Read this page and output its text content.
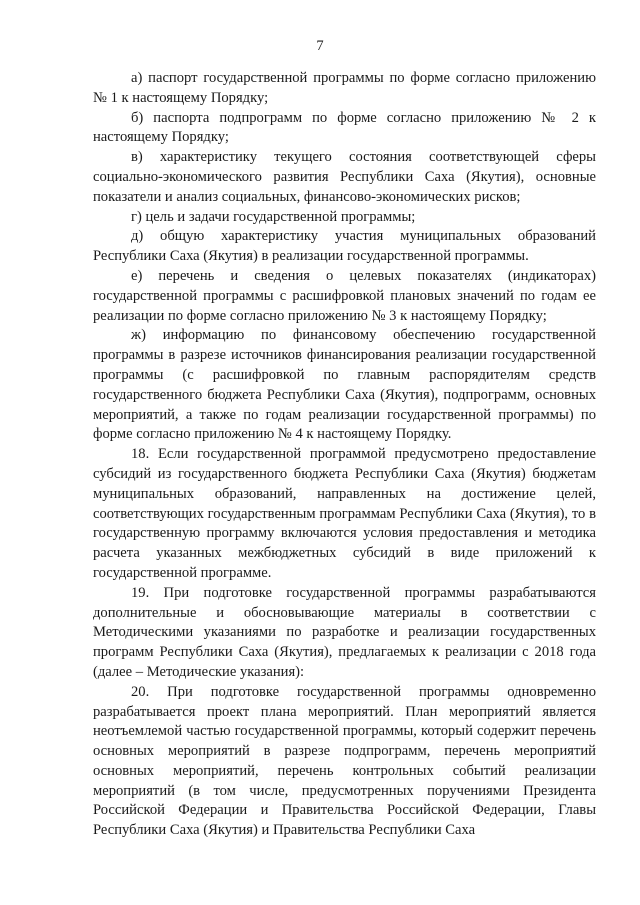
7

а) паспорт государственной программы по форме согласно приложению № 1 к настоящему Порядку;

б) паспорта подпрограмм по форме согласно приложению № 2 к настоящему Порядку;

в) характеристику текущего состояния соответствующей сферы социально-экономического развития Республики Саха (Якутия), основные показатели и анализ социальных, финансово-экономических рисков;

г) цель и задачи государственной программы;

д) общую характеристику участия муниципальных образований Республики Саха (Якутия) в реализации государственной программы.

е) перечень и сведения о целевых показателях (индикаторах) государственной программы с расшифровкой плановых значений по годам ее реализации по форме согласно приложению № 3 к настоящему Порядку;

ж) информацию по финансовому обеспечению государственной программы в разрезе источников финансирования реализации государственной программы (с расшифровкой по главным распорядителям средств государственного бюджета Республики Саха (Якутия), подпрограмм, основных мероприятий, а также по годам реализации государственной программы) по форме согласно приложению № 4 к настоящему Порядку.

18. Если государственной программой предусмотрено предоставление субсидий из государственного бюджета Республики Саха (Якутия) бюджетам муниципальных образований, направленных на достижение целей, соответствующих государственным программам Республики Саха (Якутия), то в государственную программу включаются условия предоставления и методика расчета указанных межбюджетных субсидий в виде приложений к государственной программе.

19. При подготовке государственной программы разрабатываются дополнительные и обосновывающие материалы в соответствии с Методическими указаниями по разработке и реализации государственных программ Республики Саха (Якутия), предлагаемых к реализации с 2018 года (далее – Методические указания):

20. При подготовке государственной программы одновременно разрабатывается проект плана мероприятий. План мероприятий является неотъемлемой частью государственной программы, который содержит перечень основных мероприятий в разрезе подпрограмм, перечень мероприятий основных мероприятий, перечень контрольных событий реализации мероприятий (в том числе, предусмотренных поручениями Президента Российской Федерации и Правительства Российской Федерации, Главы Республики Саха (Якутия) и Правительства Республики Саха
